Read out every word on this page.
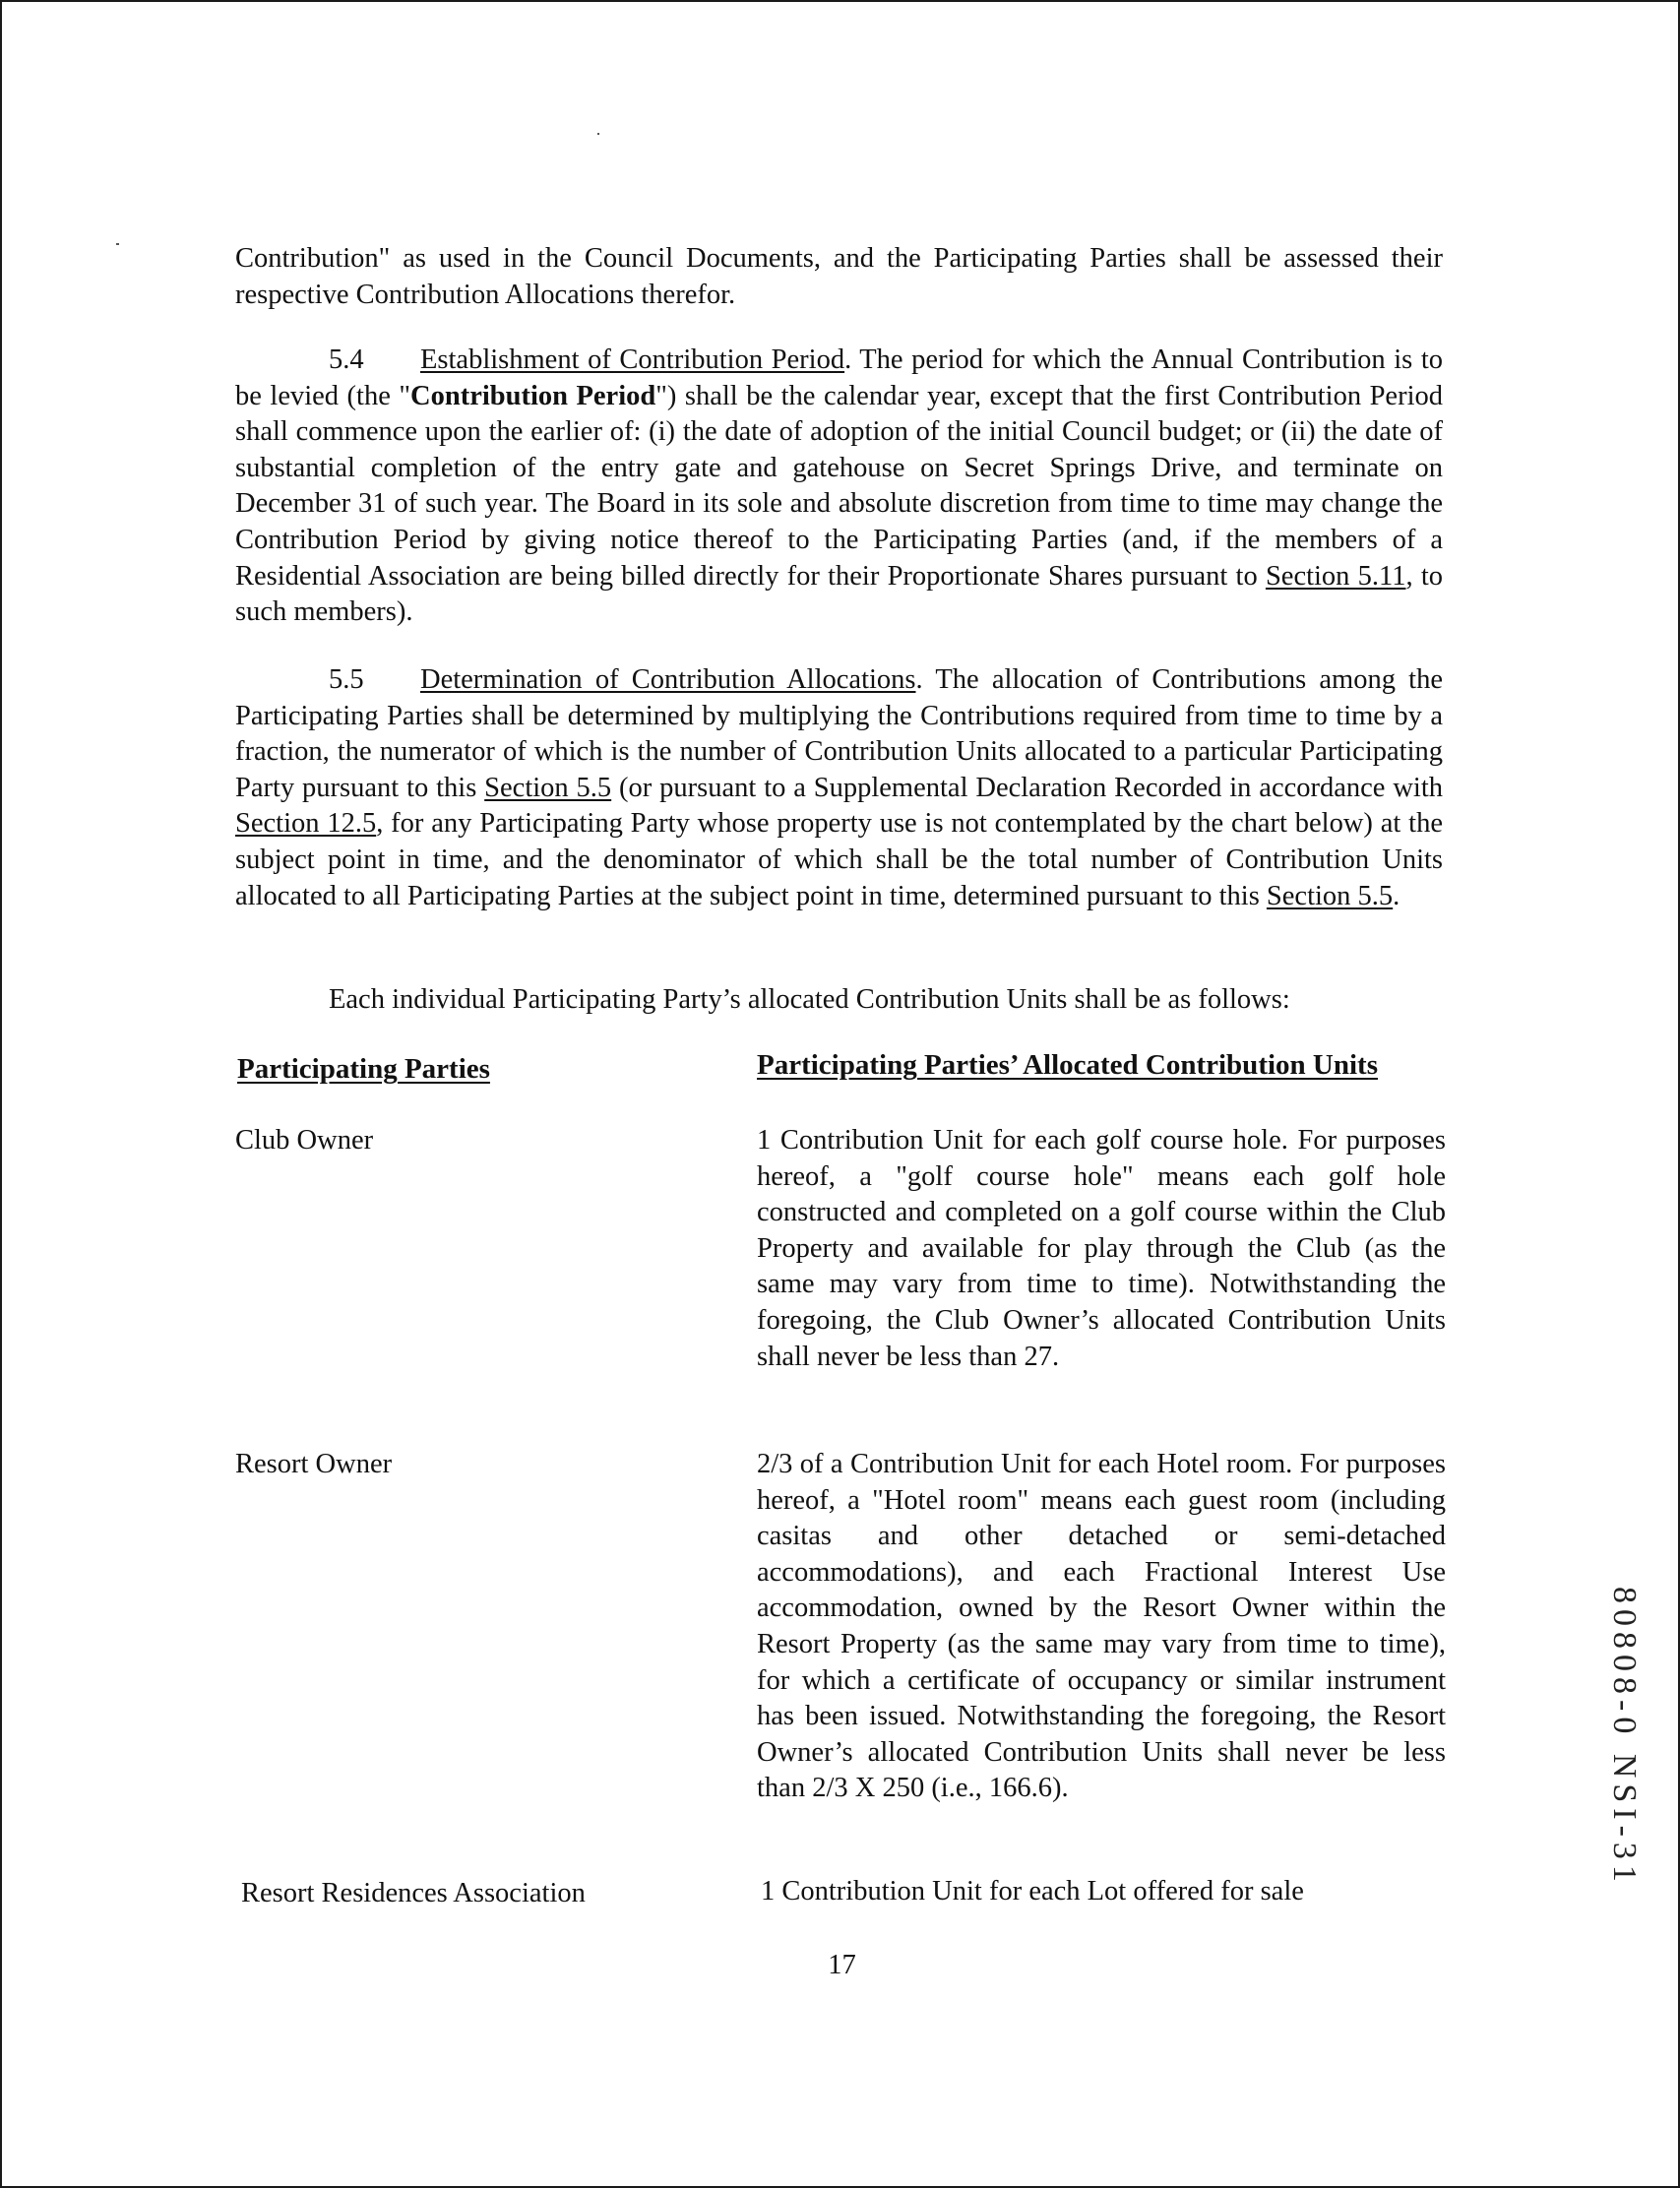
Contribution" as used in the Council Documents, and the Participating Parties shall be assessed their respective Contribution Allocations therefor.

5.4 Establishment of Contribution Period. The period for which the Annual Contribution is to be levied (the "Contribution Period") shall be the calendar year, except that the first Contribution Period shall commence upon the earlier of: (i) the date of adoption of the initial Council budget; or (ii) the date of substantial completion of the entry gate and gatehouse on Secret Springs Drive, and terminate on December 31 of such year. The Board in its sole and absolute discretion from time to time may change the Contribution Period by giving notice thereof to the Participating Parties (and, if the members of a Residential Association are being billed directly for their Proportionate Shares pursuant to Section 5.11, to such members).

5.5 Determination of Contribution Allocations. The allocation of Contributions among the Participating Parties shall be determined by multiplying the Contributions required from time to time by a fraction, the numerator of which is the number of Contribution Units allocated to a particular Participating Party pursuant to this Section 5.5 (or pursuant to a Supplemental Declaration Recorded in accordance with Section 12.5, for any Participating Party whose property use is not contemplated by the chart below) at the subject point in time, and the denominator of which shall be the total number of Contribution Units allocated to all Participating Parties at the subject point in time, determined pursuant to this Section 5.5.

Each individual Participating Party’s allocated Contribution Units shall be as follows:

Participating Parties	Participating Parties’ Allocated Contribution Units
Club Owner	1 Contribution Unit for each golf course hole. For purposes hereof, a "golf course hole" means each golf hole constructed and completed on a golf course within the Club Property and available for play through the Club (as the same may vary from time to time). Notwithstanding the foregoing, the Club Owner’s allocated Contribution Units shall never be less than 27.
Resort Owner	2/3 of a Contribution Unit for each Hotel room. For purposes hereof, a "Hotel room" means each guest room (including casitas and other detached or semi-detached accommodations), and each Fractional Interest Use accommodation, owned by the Resort Owner within the Resort Property (as the same may vary from time to time), for which a certificate of occupancy or similar instrument has been issued. Notwithstanding the foregoing, the Resort Owner’s allocated Contribution Units shall never be less than 2/3 X 250 (i.e., 166.6).
Resort Residences Association	1 Contribution Unit for each Lot offered for sale
17
80808-0 NSI-31
